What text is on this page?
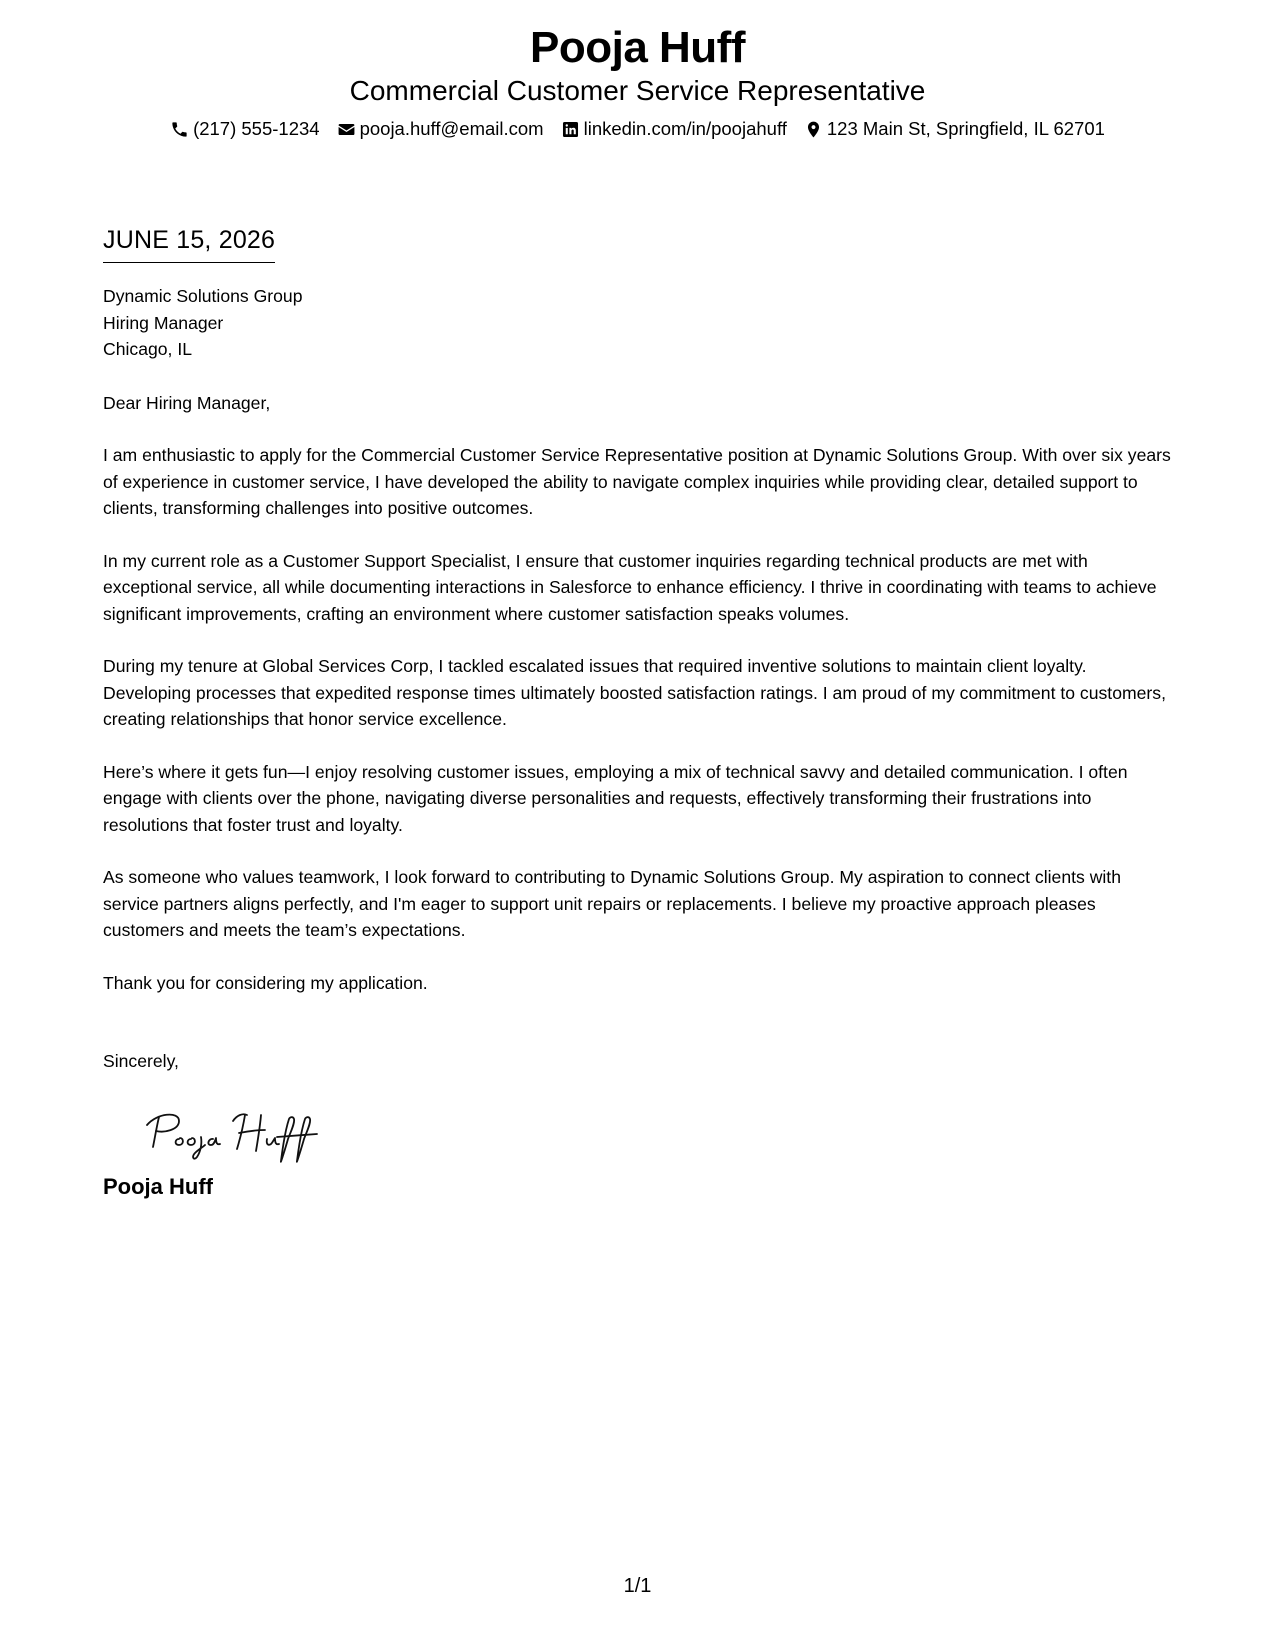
Pooja Huff
Commercial Customer Service Representative
(217) 555-1234 pooja.huff@email.com linkedin.com/in/poojahuff 123 Main St, Springfield, IL 62701
JUNE 15, 2026
Dynamic Solutions Group
Hiring Manager
Chicago, IL
Dear Hiring Manager,

I am enthusiastic to apply for the Commercial Customer Service Representative position at Dynamic Solutions Group. With over six years of experience in customer service, I have developed the ability to navigate complex inquiries while providing clear, detailed support to clients, transforming challenges into positive outcomes.

In my current role as a Customer Support Specialist, I ensure that customer inquiries regarding technical products are met with exceptional service, all while documenting interactions in Salesforce to enhance efficiency. I thrive in coordinating with teams to achieve significant improvements, crafting an environment where customer satisfaction speaks volumes.

During my tenure at Global Services Corp, I tackled escalated issues that required inventive solutions to maintain client loyalty. Developing processes that expedited response times ultimately boosted satisfaction ratings. I am proud of my commitment to customers, creating relationships that honor service excellence.

Here’s where it gets fun—I enjoy resolving customer issues, employing a mix of technical savvy and detailed communication. I often engage with clients over the phone, navigating diverse personalities and requests, effectively transforming their frustrations into resolutions that foster trust and loyalty.

As someone who values teamwork, I look forward to contributing to Dynamic Solutions Group. My aspiration to connect clients with service partners aligns perfectly, and I'm eager to support unit repairs or replacements. I believe my proactive approach pleases customers and meets the team’s expectations.

Thank you for considering my application.

Sincerely,
Pooja Huff
1/1
